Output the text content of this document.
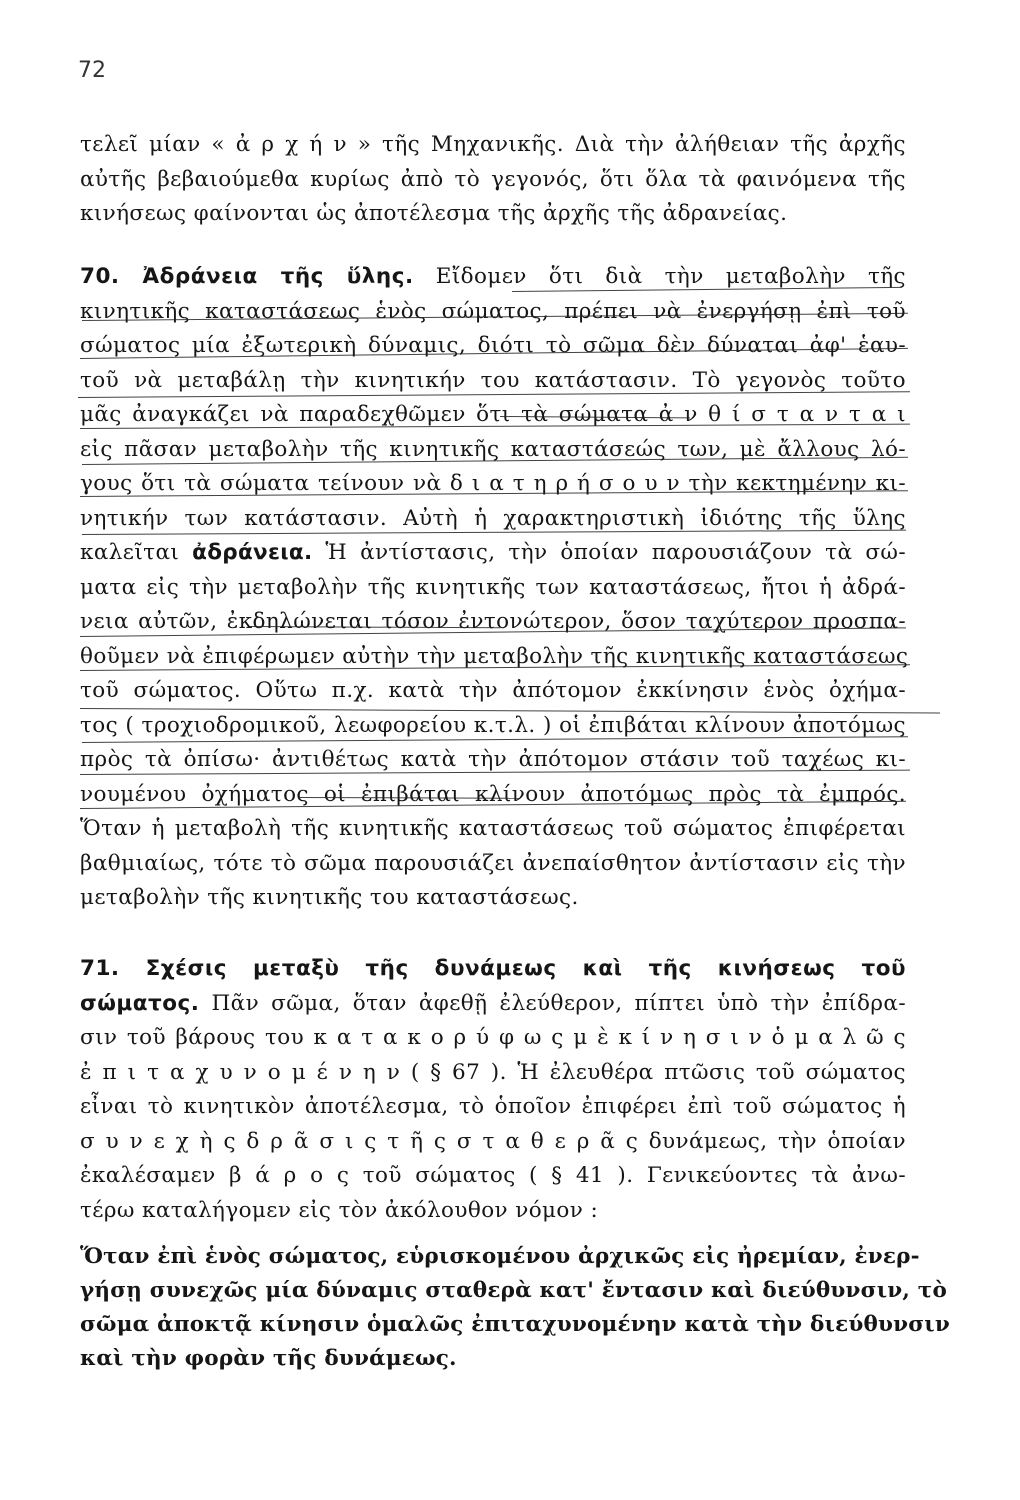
72
τελεῖ μίαν « ἀ ρ χ ή ν » τῆς Μηχανικῆς. Διὰ τὴν ἀλήθειαν τῆς ἀρχῆς
αὐτῆς βεβαιούμεθα κυρίως ἀπὸ τὸ γεγονός, ὅτι ὅλα τὰ φαινόμενα τῆς
κινήσεως φαίνονται ὡς ἀποτέλεσμα τῆς ἀρχῆς τῆς ἀδρανείας.
70. Ἀδράνεια τῆς ὕλης. Εἴδομεν ὅτι διὰ τὴν μεταβολὴν τῆς
κινητικῆς καταστάσεως ἑνὸς σώματος, πρέπει νὰ ἐνεργήσῃ ἐπὶ τοῦ
σώματος μία ἐξωτερικὴ δύναμις, διότι τὸ σῶμα δὲν δύναται ἀφ' ἑαυ-
τοῦ νὰ μεταβάλῃ τὴν κινητικήν του κατάστασιν. Τὸ γεγονὸς τοῦτο
μᾶς ἀναγκάζει νὰ παραδεχθῶμεν ὅτι τὰ σώματα ἀ ν θ ί σ τ α ν τ α ι
εἰς πᾶσαν μεταβολὴν τῆς κινητικῆς καταστάσεώς των, μὲ ἄλλους λό-
γους ὅτι τὰ σώματα τείνουν νὰ δ ι α τ η ρ ή σ ο υ ν τὴν κεκτημένην κι-
νητικήν των κατάστασιν. Αὐτὴ ἡ χαρακτηριστικὴ ἰδιότης τῆς ὕλης
καλεῖται ἀδράνεια. Ἡ ἀντίστασις, τὴν ὁποίαν παρουσιάζουν τὰ σώ-
ματα εἰς τὴν μεταβολὴν τῆς κινητικῆς των καταστάσεως, ἤτοι ἡ ἀδρά-
νεια αὐτῶν, ἐκδηλώνεται τόσον ἐντονώτερον, ὅσον ταχύτερον προσπα-
θοῦμεν νὰ ἐπιφέρωμεν αὐτὴν τὴν μεταβολὴν τῆς κινητικῆς καταστάσεως
τοῦ σώματος. Οὕτω π.χ. κατὰ τὴν ἀπότομον ἐκκίνησιν ἑνὸς ὀχήμα-
τος ( τροχιοδρομικοῦ, λεωφορείου κ.τ.λ. ) οἱ ἐπιβάται κλίνουν ἀποτόμως
πρὸς τὰ ὀπίσω· ἀντιθέτως κατὰ τὴν ἀπότομον στάσιν τοῦ ταχέως κι-
νουμένου ὀχήματος οἱ ἐπιβάται κλίνουν ἀποτόμως πρὸς τὰ ἐμπρός.
Ὅταν ἡ μεταβολὴ τῆς κινητικῆς καταστάσεως τοῦ σώματος ἐπιφέρεται
βαθμιαίως, τότε τὸ σῶμα παρουσιάζει ἀνεπαίσθητον ἀντίστασιν εἰς τὴν
μεταβολὴν τῆς κινητικῆς του καταστάσεως.
71. Σχέσις μεταξὺ τῆς δυνάμεως καὶ τῆς κινήσεως τοῦ
σώματος. Πᾶν σῶμα, ὅταν ἀφεθῇ ἐλεύθερον, πίπτει ὑπὸ τὴν ἐπίδρα-
σιν τοῦ βάρους του κ α τ α κ ο ρ ύ φ ω ς μ ὲ κ ί ν η σ ι ν ὁ μ α λ ῶ ς
ἐ π ι τ α χ υ ν ο μ έ ν η ν ( § 67 ). Ἡ ἐλευθέρα πτῶσις τοῦ σώματος
εἶναι τὸ κινητικὸν ἀποτέλεσμα, τὸ ὁποῖον ἐπιφέρει ἐπὶ τοῦ σώματος ἡ
σ υ ν ε χ ὴ ς δ ρ ᾶ σ ι ς τ ῆ ς σ τ α θ ε ρ ᾶ ς δυνάμεως, τὴν ὁποίαν
ἐκαλέσαμεν β ά ρ ο ς τοῦ σώματος ( § 41 ). Γενικεύοντες τὰ ἀνω-
τέρω καταλήγομεν εἰς τὸν ἀκόλουθον νόμον :
Ὅταν ἐπὶ ἑνὸς σώματος, εὑρισκομένου ἀρχικῶς εἰς ἠρεμίαν, ἐνερ-
γήσῃ συνεχῶς μία δύναμις σταθερὰ κατ' ἔντασιν καὶ διεύθυνσιν, τὸ
σῶμα ἀποκτᾷ κίνησιν ὁμαλῶς ἐπιταχυνομένην κατὰ τὴν διεύθυνσιν
καὶ τὴν φορὰν τῆς δυνάμεως.
